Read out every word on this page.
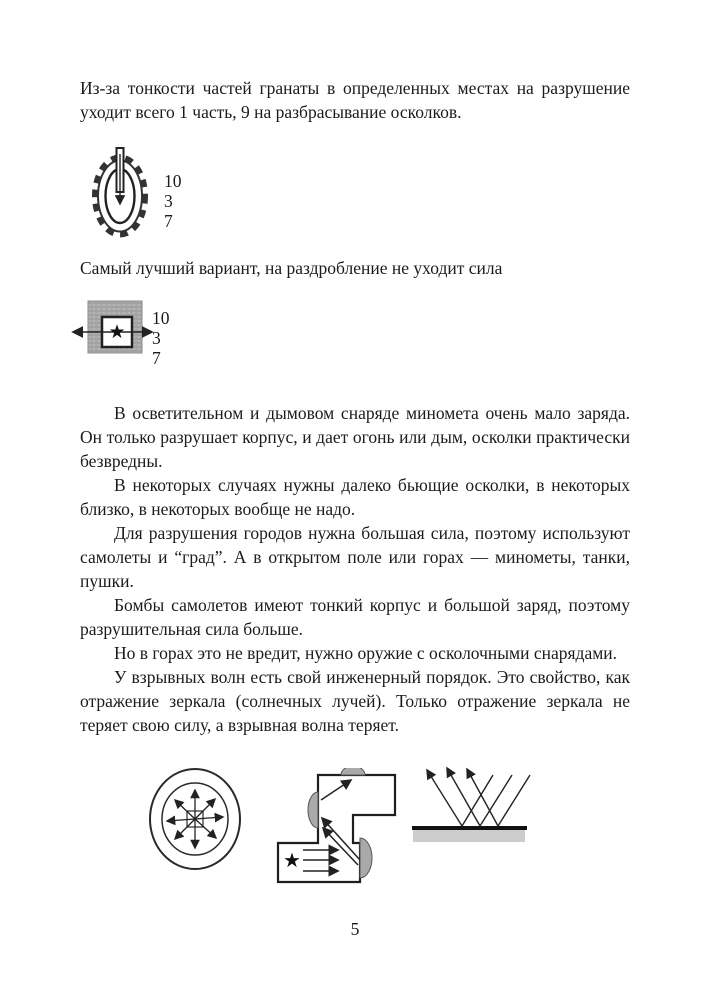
Из-за тонкости частей гранаты в определенных местах на разрушение уходит всего 1 часть, 9 на разбрасывание осколков.
10
3
7
Самый лучший вариант, на раздробление не уходит сила
★
10
3
7

В осветительном и дымовом снаряде миномета очень мало заряда. Он только разрушает корпус, и дает огонь или дым, осколки практически безвредны.

В некоторых случаях нужны далеко бьющие осколки, в некоторых близко, в некоторых вообще не надо.

Для разрушения городов нужна большая сила, поэтому используют самолеты и “град”. А в открытом поле или горах — минометы, танки, пушки.

Бомбы самолетов имеют тонкий корпус и большой заряд, поэтому разрушительная сила больше.

Но в горах это не вредит, нужно оружие с осколочными снарядами.

У взрывных волн есть свой инженерный порядок. Это свойство, как отражение зеркала (солнечных лучей). Только отражение зеркала не теряет свою силу, а взрывная волна теряет.

★
5
